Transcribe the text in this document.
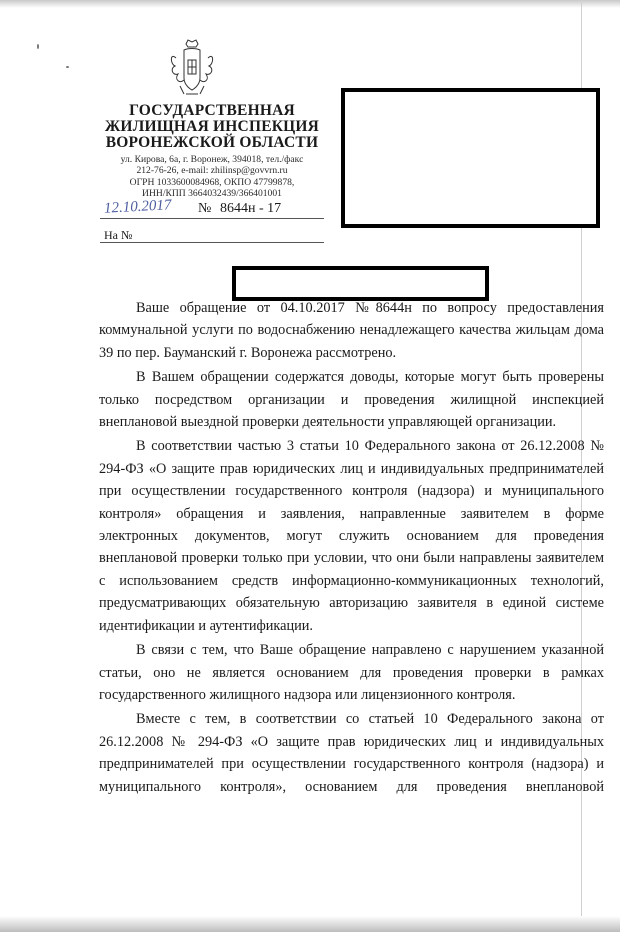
ГОСУДАРСТВЕННАЯ
ЖИЛИЩНАЯ ИНСПЕКЦИЯ
ВОРОНЕЖСКОЙ ОБЛАСТИ
ул. Кирова, 6а, г. Воронеж, 394018, тел./факс
212-76-26, e-mail: zhilinsp@govvrn.ru
ОГРН 1033600084968, ОКПО 47799878,
ИНН/КПП 3664032439/366401001
12.10.2017 № 8644н - 17
На №

Ваше обращение от 04.10.2017 №8644н по вопросу предоставления коммунальной услуги по водоснабжению ненадлежащего качества жильцам дома 39 по пер. Бауманский г. Воронежа рассмотрено.

В Вашем обращении содержатся доводы, которые могут быть проверены только посредством организации и проведения жилищной инспекцией внеплановой выездной проверки деятельности управляющей организации.

В соответствии частью 3 статьи 10 Федерального закона от 26.12.2008 № 294-ФЗ «О защите прав юридических лиц и индивидуальных предпринимателей при осуществлении государственного контроля (надзора) и муниципального контроля» обращения и заявления, направленные заявителем в форме электронных документов, могут служить основанием для проведения внеплановой проверки только при условии, что они были направлены заявителем с использованием средств информационно-коммуникационных технологий, предусматривающих обязательную авторизацию заявителя в единой системе идентификации и аутентификации.

В связи с тем, что Ваше обращение направлено с нарушением указанной статьи, оно не является основанием для проведения проверки в рамках государственного жилищного надзора или лицензионного контроля.

Вместе с тем, в соответствии со статьей 10 Федерального закона от 26.12.2008 № 294-ФЗ «О защите прав юридических лиц и индивидуальных предпринимателей при осуществлении государственного контроля (надзора) и муниципального контроля», основанием для проведения внеплановой
